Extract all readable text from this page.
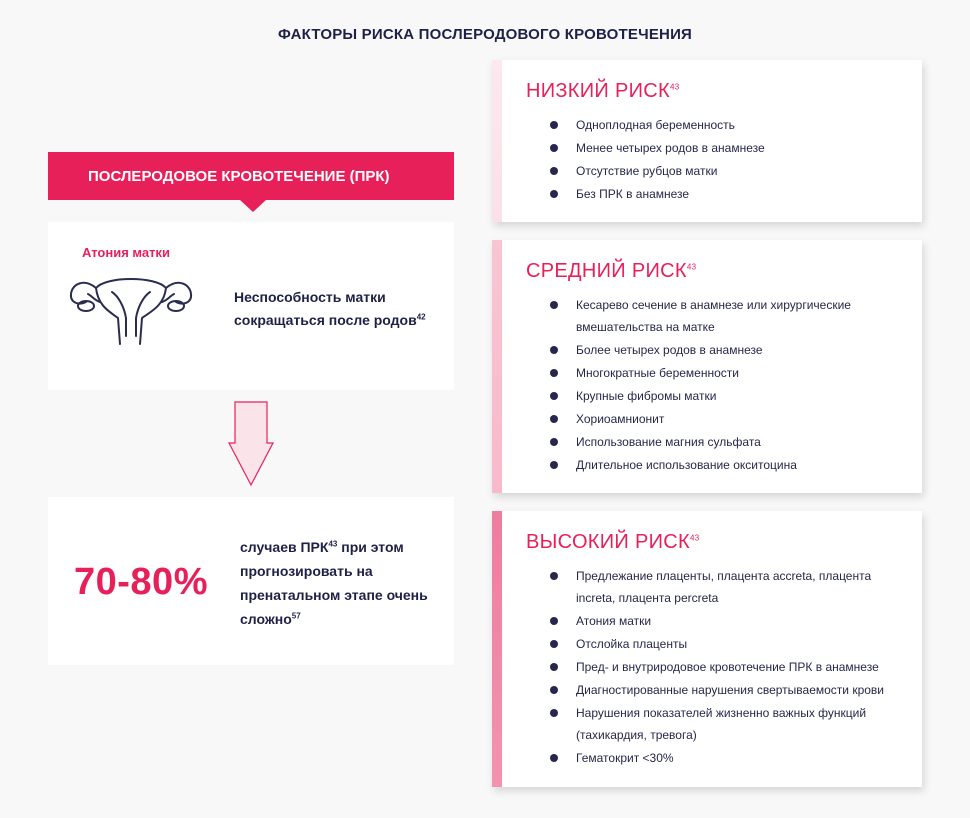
ФАКТОРЫ РИСКА ПОСЛЕРОДОВОГО КРОВОТЕЧЕНИЯ
ПОСЛЕРОДОВОЕ КРОВОТЕЧЕНИЕ (ПРК)
Атония матки
Неспособность матки сокращаться после родов$^{42}$
70-80%
случаев ПРК$^{43}$ при этом прогнозировать на пренатальном этапе очень сложно$^{57}$
НИЗКИЙ РИСК$^{43}$
Одноплодная беременность
Менее четырех родов в анамнезе
Отсутствие рубцов матки
Без ПРК в анамнезе
СРЕДНИЙ РИСК$^{43}$
Кесарево сечение в анамнезе или хирургические вмешательства на матке
Более четырех родов в анамнезе
Многократные беременности
Крупные фибромы матки
Хориоамнионит
Использование магния сульфата
Длительное использование окситоцина
ВЫСОКИЙ РИСК$^{43}$
Предлежание плаценты, плацента accreta, плацента increta, плацента percreta
Атония матки
Отслойка плаценты
Пред- и внутриродовое кровотечение ПРК в анамнезе
Диагностированные нарушения свертываемости крови
Нарушения показателей жизненно важных функций (тахикардия, тревога)
Гематокрит <30%
